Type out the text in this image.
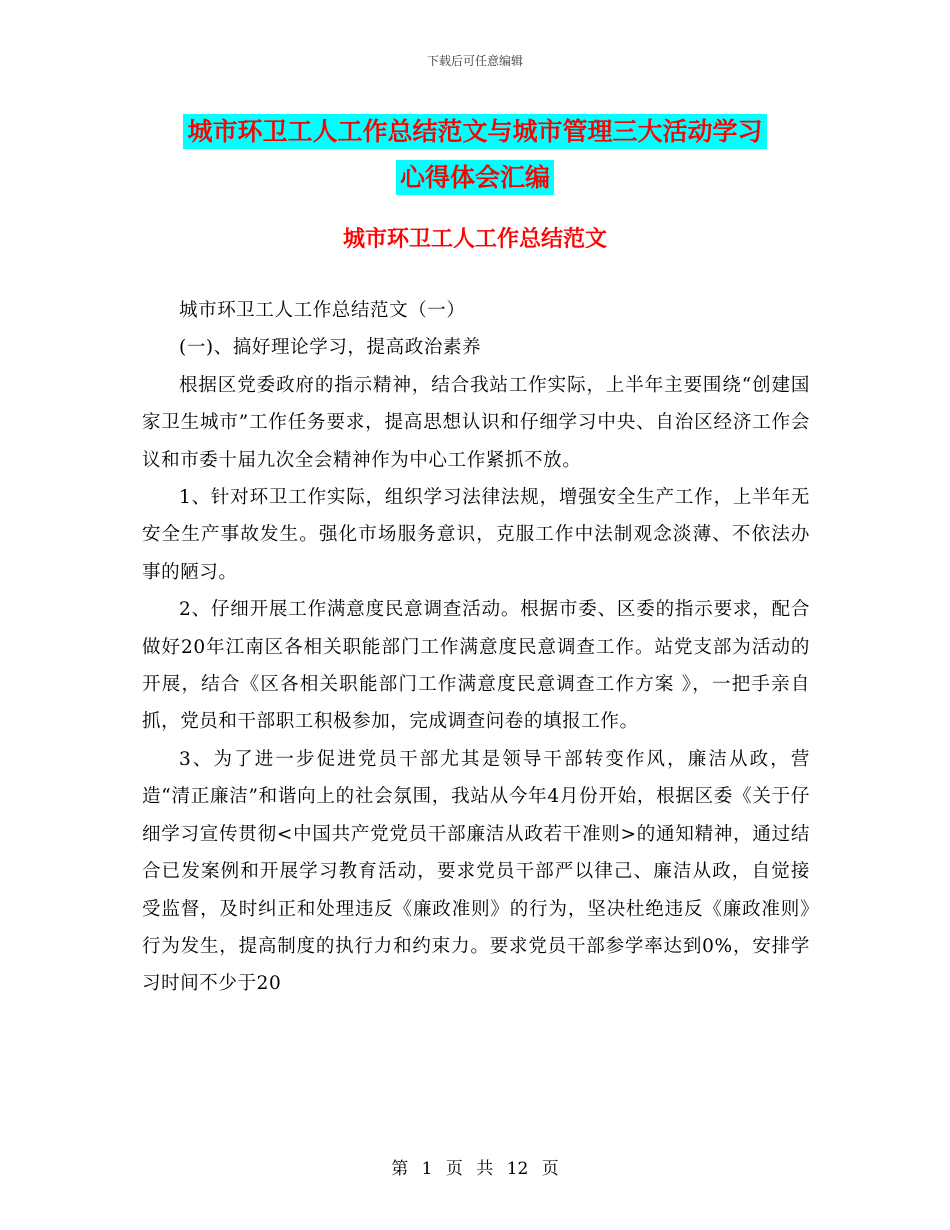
下载后可任意编辑
城市环卫工人工作总结范文与城市管理三大活动学习
心得体会汇编
城市环卫工人工作总结范文

城市环卫工人工作总结范文（一）

(一)、搞好理论学习，提高政治素养

根据区党委政府的指示精神，结合我站工作实际，上半年主要围绕“创建国家卫生城市”工作任务要求，提高思想认识和仔细学习中央、自治区经济工作会议和市委十届九次全会精神作为中心工作紧抓不放。

1、针对环卫工作实际，组织学习法律法规，增强安全生产工作，上半年无安全生产事故发生。强化市场服务意识，克服工作中法制观念淡薄、不依法办事的陋习。

2、仔细开展工作满意度民意调查活动。根据市委、区委的指示要求，配合做好20年江南区各相关职能部门工作满意度民意调查工作。站党支部为活动的开展，结合《区各相关职能部门工作满意度民意调查工作方案 》，一把手亲自抓，党员和干部职工积极参加，完成调查问卷的填报工作。

3、为了进一步促进党员干部尤其是领导干部转变作风，廉洁从政，营造“清正廉洁”和谐向上的社会氛围，我站从今年4月份开始，根据区委《关于仔细学习宣传贯彻<中国共产党党员干部廉洁从政若干准则>的通知精神，通过结合已发案例和开展学习教育活动，要求党员干部严以律己、廉洁从政，自觉接受监督，及时纠正和处理违反《廉政准则》的行为，坚决杜绝违反《廉政准则》行为发生，提高制度的执行力和约束力。要求党员干部参学率达到0%，安排学习时间不少于20

第 1 页 共 12 页
